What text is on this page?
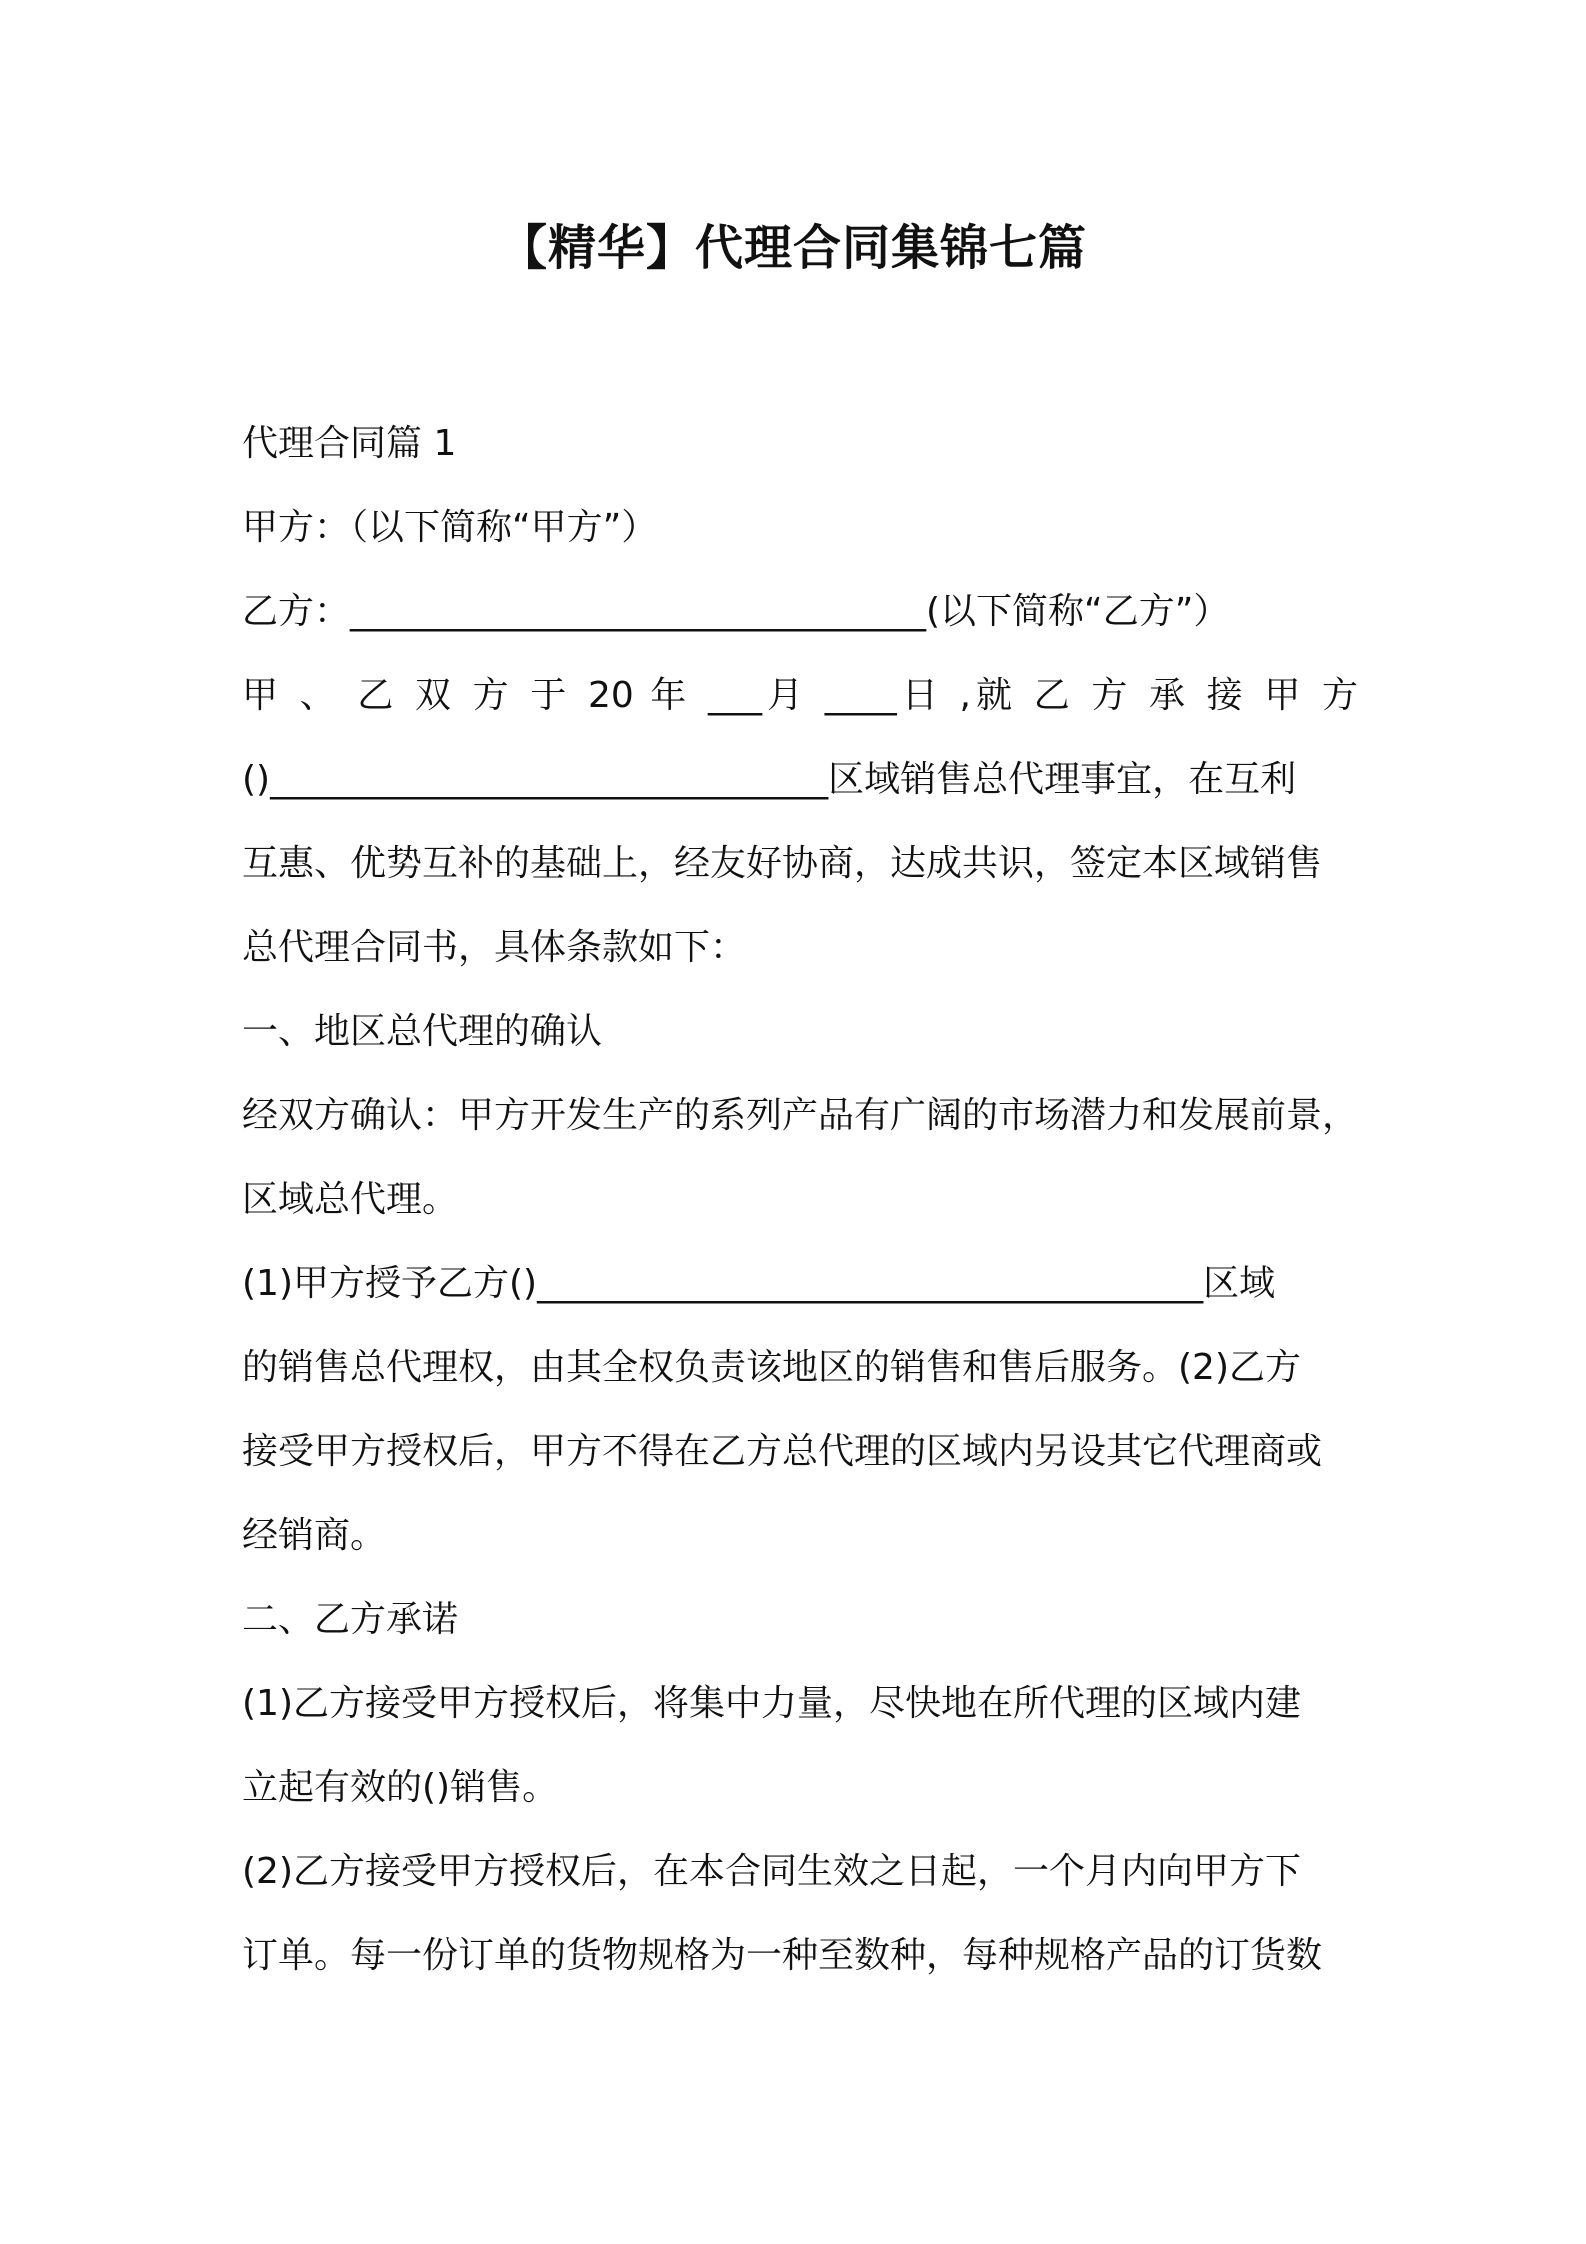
【精华】代理合同集锦七篇
代理合同篇 1
甲方：（以下简称“甲方”）
乙方：________________________________(以下简称“乙方”）
甲 、 乙 双 方 于 20 年 ___月 ____日 ,就 乙 方 承 接 甲 方
()_______________________________区域销售总代理事宜，在互利
互惠、优势互补的基础上，经友好协商，达成共识，签定本区域销售
总代理合同书，具体条款如下：
一、地区总代理的确认
经双方确认：甲方开发生产的系列产品有广阔的市场潜力和发展前景，
区域总代理。
(1)甲方授予乙方()_____________________________________区域
的销售总代理权，由其全权负责该地区的销售和售后服务。(2)乙方
接受甲方授权后，甲方不得在乙方总代理的区域内另设其它代理商或
经销商。
二、乙方承诺
(1)乙方接受甲方授权后，将集中力量，尽快地在所代理的区域内建
立起有效的()销售。
(2)乙方接受甲方授权后，在本合同生效之日起，一个月内向甲方下
订单。每一份订单的货物规格为一种至数种，每种规格产品的订货数
